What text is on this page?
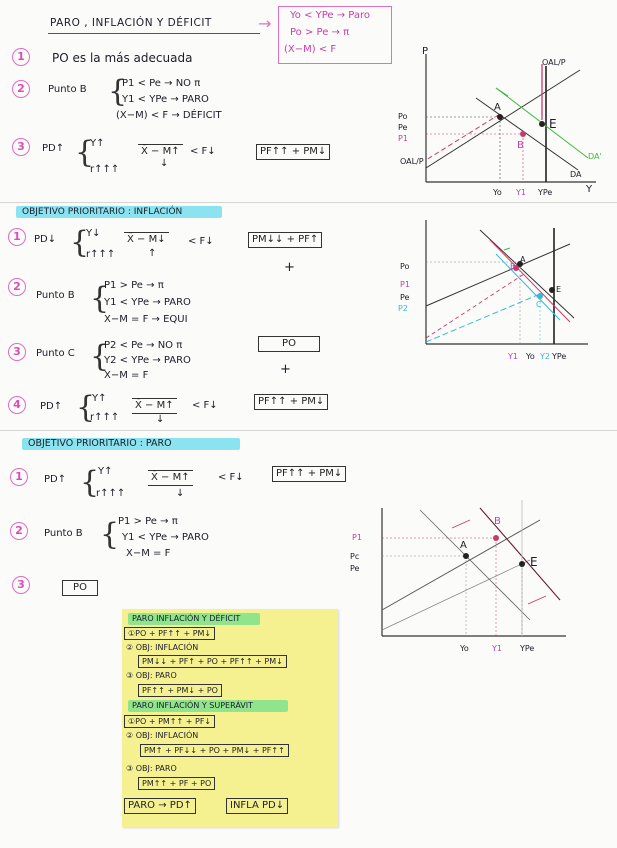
PARO , INFLACIÓN Y DÉFICIT	→ Yo < YPe → Paro
Po > Pe → π
(X−M) < F
1	PO es la más adecuada
2	Punto B {
P1 < Pe → NO π
Y1 < YPe → PARO
(X−M) < F → DÉFICIT
3	PD↑ {
Y↑
r↑↑↑
X̄ − M↑	< F↓
↓
PF↑↑ + PM↓
P
Y
OAL/P
OAL/P
DA
DA'
Po
Pe
P1
Yo Y1 YPe
A
B
E
OBJETIVO PRIORITARIO : INFLACIÓN
1	PD↓ {
Y↓
r↑↑↑
X̄ − M↓	< F↓
↑
PM↓↓ + PF↑
+
2
Punto B {
P1 > Pe → π
Y1 < YPe → PARO
X−M = F → EQUI
3	Punto C {
P2 < Pe → NO π
Y2 < YPe → PARO
X−M = F
PO
+
4	PD↑ {
Y↑
r↑↑↑
X̄ − M↑	< F↓
↓
PF↑↑ + PM↓
Po
P1
Pe
P2
Y1 Yo Y2 YPe
A
B
C
E
OBJETIVO PRIORITARIO : PARO
1	PD↑ {
Y↑
r↑↑↑
X̄ − M↑	< F↓
↓
PF↑↑ + PM↓
2	Punto B {
P1 > Pe → π
Y1 < YPe → PARO
X−M = F
3	PO
P1
Pc
Pe
Yo	Y1 YPe
A
B
E
PARO INFLACIÓN Y DÉFICIT
①PO + PF↑↑ + PM↓
② OBJ: INFLACIÓN
PM↓↓ + PF↑ + PO + PF↑↑ + PM↓
③ OBJ: PARO
PF↑↑ + PM↓ + PO
PARO INFLACIÓN Y SUPERÁVIT
①PO + PM↑↑ + PF↓
② OBJ: INFLACIÓN
PM↑ + PF↓↓ + PO + PM↓ + PF↑↑
③ OBJ: PARO
PM↑↑ + PF + PO
PARO → PD↑	INFLA PD↓
